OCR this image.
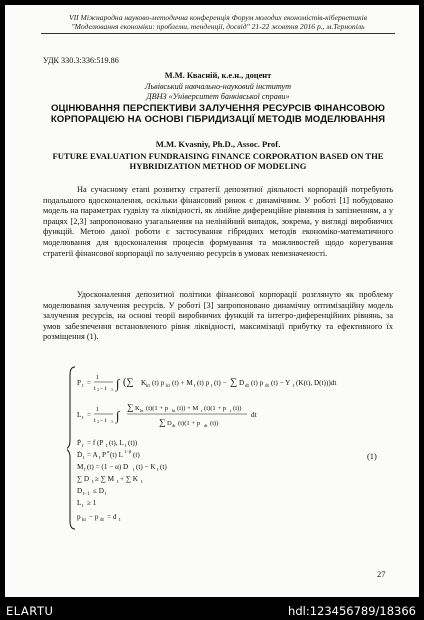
VII Міжнародна науково-методична конференція Форум молодих економістів-кібернетиків
"Моделювання економіки: проблеми, тенденції, досвід" 21-22 жовтня 2016 р., м.Тернопіль
УДК 330.3:336:519.86
М.М. Квасній, к.е.н., доцент
Львівський навчально-науковий інститут
ДВНЗ «Університет банківської справи»
ОЦІНЮВАННЯ ПЕРСПЕКТИВИ ЗАЛУЧЕННЯ РЕСУРСІВ ФІНАНСОВОЮ КОРПОРАЦІЄЮ НА ОСНОВІ ГІБРИДИЗАЦІЇ МЕТОДІВ МОДЕЛЮВАННЯ
M.M. Kvasniy, Ph.D., Assoc. Prof.
FUTURE EVALUATION FUNDRAISING FINANCE CORPORATION BASED ON THE HYBRIDIZATION METHOD OF MODELING
На сучасному етапі розвитку стратегії депозитної діяльності корпорацій потребують подальшого вдосконалення, оскільки фінансовий ринок є динамічним. У роботі [1] побудовано модель на параметрах гудвілу та ліквідності, як лінійне диференційне рівняння із запізненням, а у працях [2,3] запропоновано узагальнення на нелінійний випадок, зокрема, у вигляді виробничих функцій. Метою даної роботи є застосування гібридних методів економіко-математичного моделювання для вдосконалення процесів формування та можливостей щодо корегування стратегії фінансової корпорації по залученню ресурсів в умовах невизначеності.
Удосконалення депозитної політики фінансової корпорації розглянуто як проблему моделювання залучення ресурсів. У роботі [3] запропоновано динамічну оптимізаційну модель залучення ресурсів, на основі теорії виробничих функцій та інтегро-диференційних рівнянь, за умов забезпечення встановленого рівня ліквідності, максимізації прибутку та ефективного їх розміщення (1).
P t =
1
t 2 − t 1 ∫ (∑ K kt (t) p kt (t) + M t (t) p t (t) − ∑ D dt (t) p dt (t) − Y t (K(t), D(t)))dt
L t =
1
t 2 − t 1 ∫
∑ K kt (t)(1 + p kt (t)) + M t (t)(1 + p t (t))
∑ D dt (t)(1 + p dt (t))
dt
Ṗ t = f (P t (t), L t (t))
Ḋ t = A t P α (t) L 1−β (t)
M t (t) = (1 − α) D t (t) − K t (t)
∑ D t ≥ ∑ M t + ∑ K t
D t−1 ≤ D t
L t ≥ 1
p kt − p dt = d t
(1)
27
ELARTU	hdl:123456789/18366
